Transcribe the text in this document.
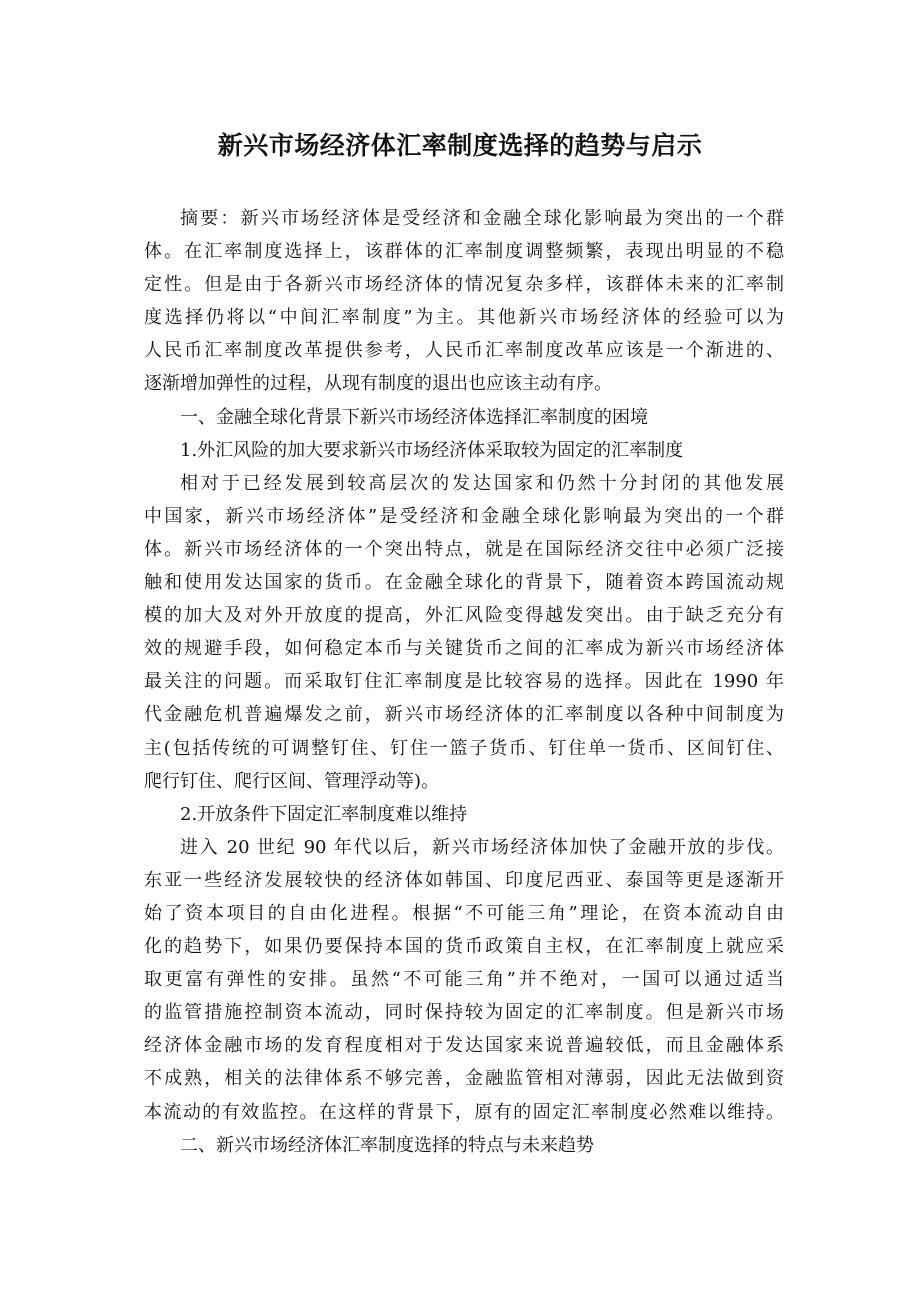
新兴市场经济体汇率制度选择的趋势与启示
摘要：新兴市场经济体是受经济和金融全球化影响最为突出的一个群
体。在汇率制度选择上，该群体的汇率制度调整频繁，表现出明显的不稳
定性。但是由于各新兴市场经济体的情况复杂多样，该群体未来的汇率制
度选择仍将以“中间汇率制度”为主。其他新兴市场经济体的经验可以为
人民币汇率制度改革提供参考，人民币汇率制度改革应该是一个渐进的、
逐渐增加弹性的过程，从现有制度的退出也应该主动有序。
一、金融全球化背景下新兴市场经济体选择汇率制度的困境
1.外汇风险的加大要求新兴市场经济体采取较为固定的汇率制度
相对于已经发展到较高层次的发达国家和仍然十分封闭的其他发展
中国家，新兴市场经济体”是受经济和金融全球化影响最为突出的一个群
体。新兴市场经济体的一个突出特点，就是在国际经济交往中必须广泛接
触和使用发达国家的货币。在金融全球化的背景下，随着资本跨国流动规
模的加大及对外开放度的提高，外汇风险变得越发突出。由于缺乏充分有
效的规避手段，如何稳定本币与关键货币之间的汇率成为新兴市场经济体
最关注的问题。而采取钉住汇率制度是比较容易的选择。因此在 1990 年
代金融危机普遍爆发之前，新兴市场经济体的汇率制度以各种中间制度为
主(包括传统的可调整钉住、钉住一篮子货币、钉住单一货币、区间钉住、
爬行钉住、爬行区间、管理浮动等)。
2.开放条件下固定汇率制度难以维持
进入 20 世纪 90 年代以后，新兴市场经济体加快了金融开放的步伐。
东亚一些经济发展较快的经济体如韩国、印度尼西亚、泰国等更是逐渐开
始了资本项目的自由化进程。根据“不可能三角”理论，在资本流动自由
化的趋势下，如果仍要保持本国的货币政策自主权，在汇率制度上就应采
取更富有弹性的安排。虽然“不可能三角”并不绝对，一国可以通过适当
的监管措施控制资本流动，同时保持较为固定的汇率制度。但是新兴市场
经济体金融市场的发育程度相对于发达国家来说普遍较低，而且金融体系
不成熟，相关的法律体系不够完善，金融监管相对薄弱，因此无法做到资
本流动的有效监控。在这样的背景下，原有的固定汇率制度必然难以维持。
二、新兴市场经济体汇率制度选择的特点与未来趋势
